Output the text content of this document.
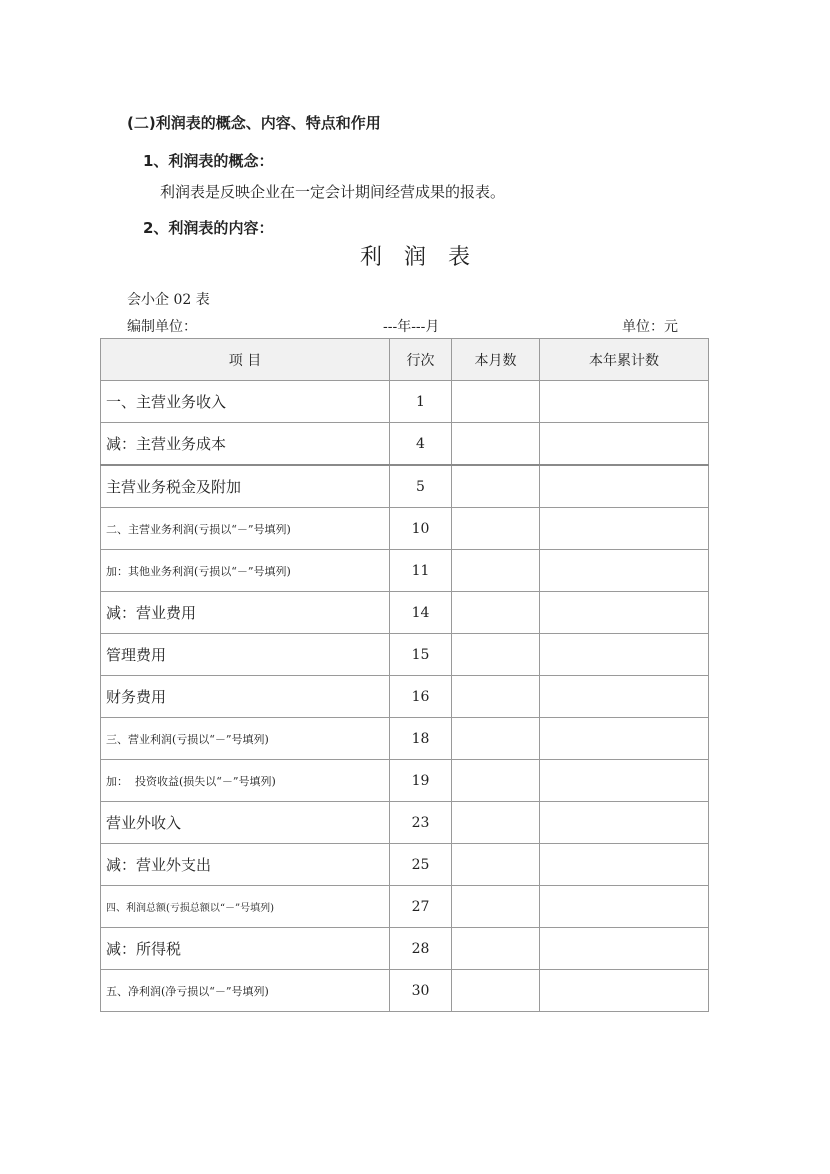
​
(二)利润表的概念、内容、特点和作用
1、利润表的概念：
利润表是反映企业在一定会计期间经营成果的报表。
2、利润表的内容：
利润表
会小企 02 表
编制单位：	---年---月	单位：元
项 目	行次	本月数	本年累计数
一、主营业务收入	1		
减：主营业务成本	4		
主营业务税金及附加	5		
二、主营业务利润(亏损以“－”号填列)	10		
加：其他业务利润(亏损以“－”号填列)	11		
减：营业费用	14		
管理费用	15		
财务费用	16		
三、营业利润(亏损以“－”号填列)	18		
加：  投资收益(损失以“－”号填列)	19		
营业外收入	23		
减：营业外支出	25		
四、利润总额(亏损总额以“－”号填列)	27		
减：所得税	28		
五、净利润(净亏损以“－”号填列)	30		
